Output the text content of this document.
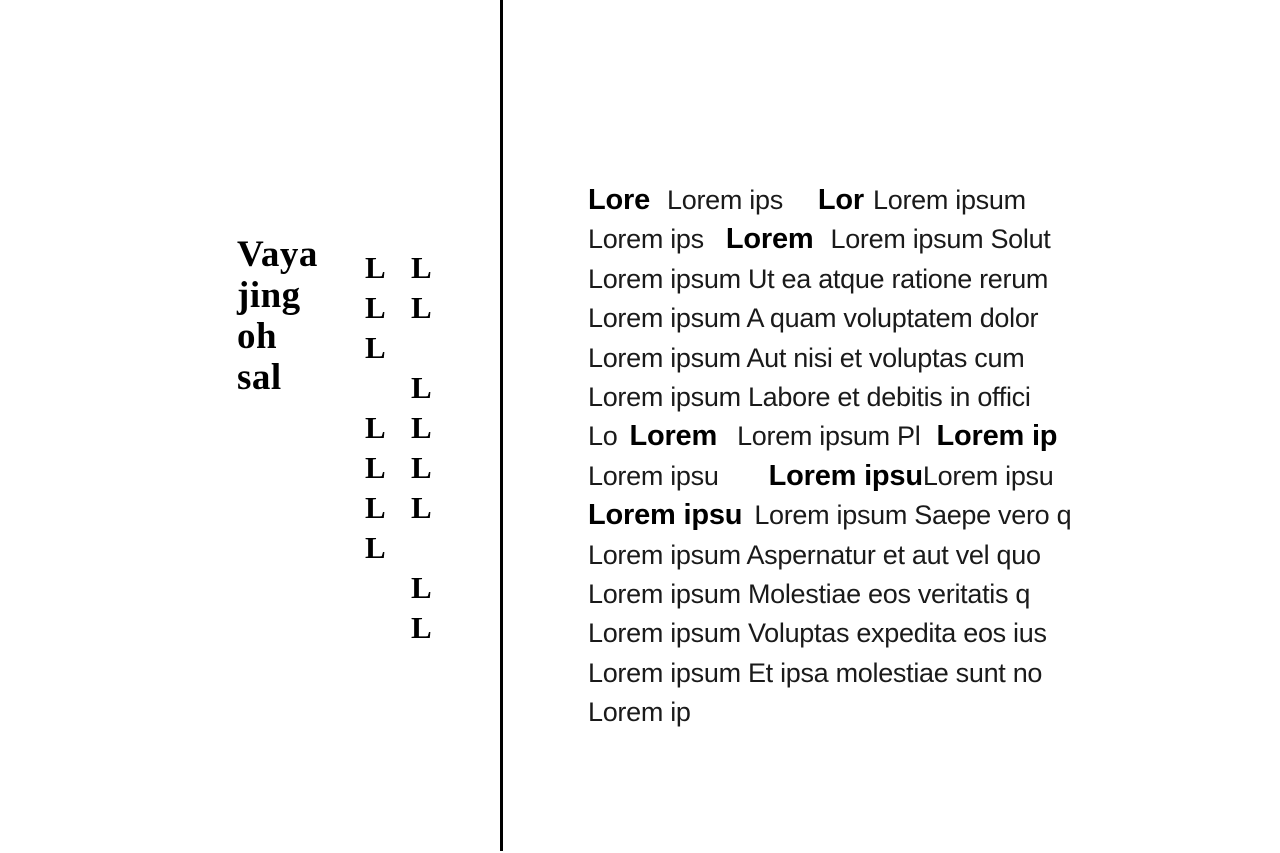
Vaya
jing
oh
sal
L
L
L
L
L
L
L
L
L
L
L
L
L
L
L
Lore Lorem ips Lor Lorem ipsum
Lorem ips Lorem Lorem ipsum Solut
Lorem ipsum Ut ea atque ratione rerum
Lorem ipsum A quam voluptatem dolor
Lorem ipsum Aut nisi et voluptas cum
Lorem ipsum Labore et debitis in offici
Lo Lorem Lorem ipsum Pl Lorem ip
Lorem ipsu Lorem ipsuLorem ipsu
Lorem ipsu Lorem ipsum Saepe vero q
Lorem ipsum Aspernatur et aut vel quo
Lorem ipsum Molestiae eos veritatis q
Lorem ipsum Voluptas expedita eos ius
Lorem ipsum Et ipsa molestiae sunt no
Lorem ip
